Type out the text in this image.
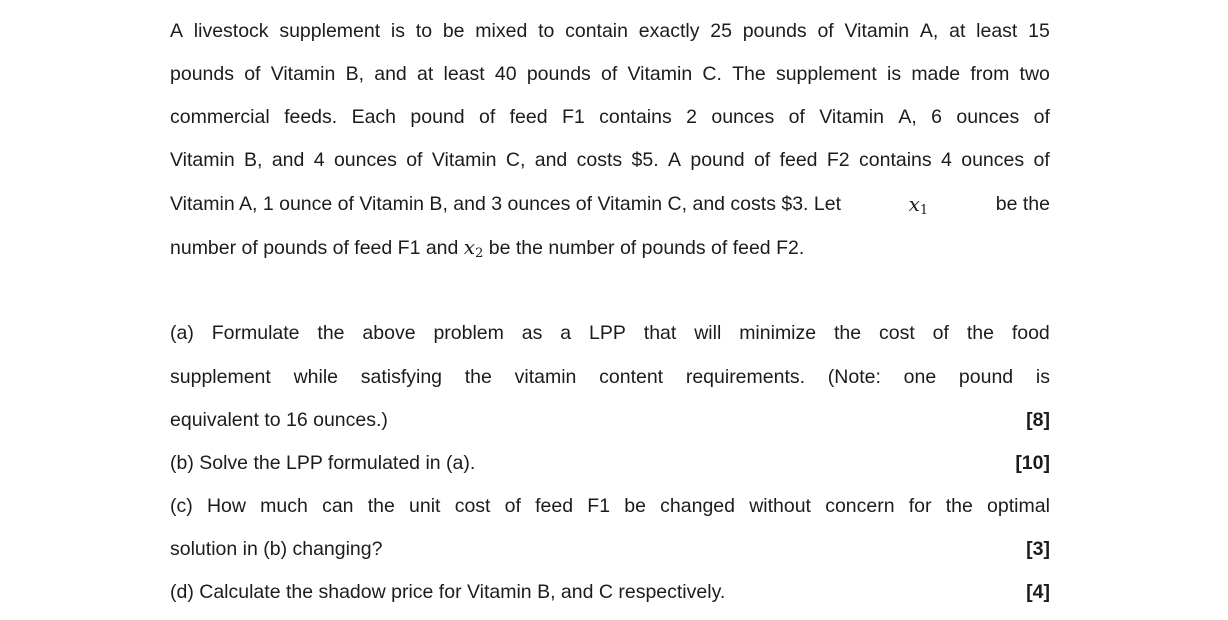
A livestock supplement is to be mixed to contain exactly 25 pounds of Vitamin A, at least 15
pounds of Vitamin B, and at least 40 pounds of Vitamin C. The supplement is made from two
commercial feeds. Each pound of feed F1 contains 2 ounces of Vitamin A, 6 ounces of
Vitamin B, and 4 ounces of Vitamin C, and costs $5. A pound of feed F2 contains 4 ounces of
Vitamin A, 1 ounce of Vitamin B, and 3 ounces of Vitamin C, and costs $3. Let	$x_1$	be the
number of pounds of feed F1 and $x_2$ be the number of pounds of feed F2.
(a) Formulate the above problem as a LPP that will minimize the cost of the food
supplement while satisfying the vitamin content requirements. (Note: one pound is
equivalent to 16 ounces.)	[8]
(b) Solve the LPP formulated in (a).	[10]
(c) How much can the unit cost of feed F1 be changed without concern for the optimal
solution in (b) changing?	[3]
(d) Calculate the shadow price for Vitamin B, and C respectively.	[4]
